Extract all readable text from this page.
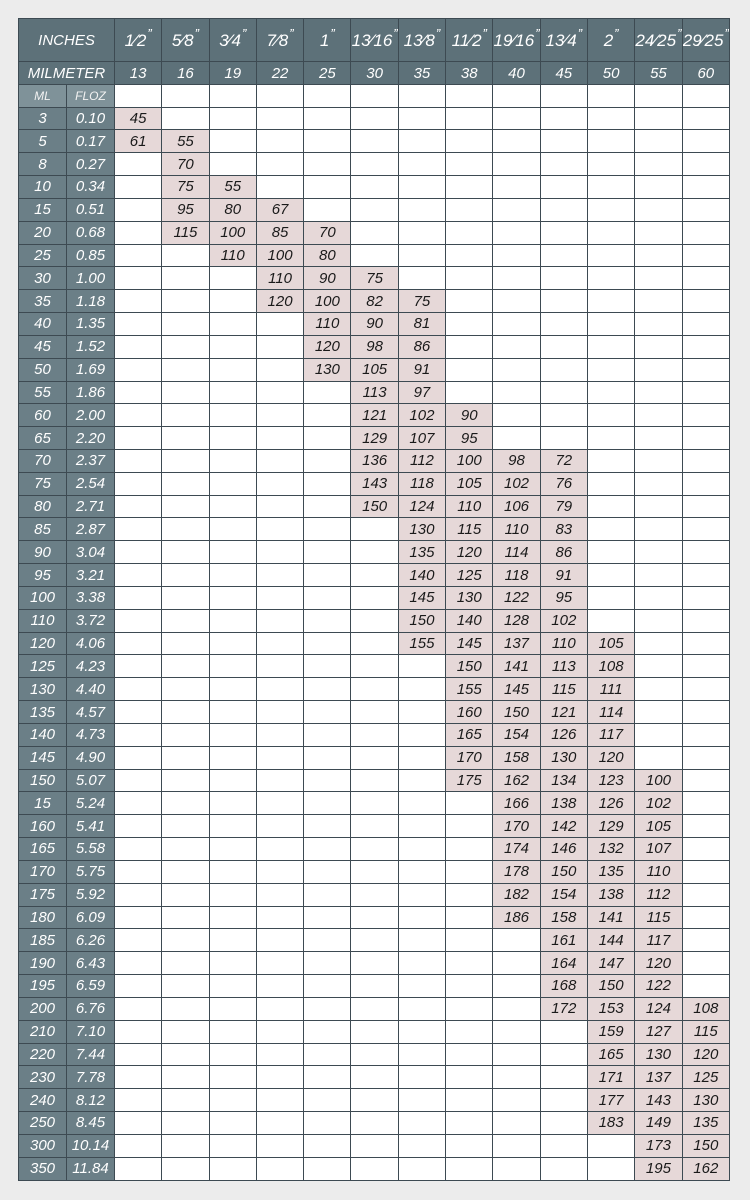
INCHES		1⁄2”	5⁄8”	3⁄4”	7⁄8”	1”	13⁄16”	13⁄8”	11⁄2”	19⁄16”	13⁄4”	2”	24⁄25”	29⁄25”
MILMETER		13	16	19	22	25	30	35	38	40	45	50	55	60
ML	FLOZ													
3	0.10	45												
5	0.17	61	55											
8	0.27		70											
10	0.34		75	55										
15	0.51		95	80	67									
20	0.68		115	100	85	70								
25	0.85			110	100	80								
30	1.00				110	90	75							
35	1.18				120	100	82	75						
40	1.35					110	90	81						
45	1.52					120	98	86						
50	1.69					130	105	91						
55	1.86						113	97						
60	2.00						121	102	90					
65	2.20						129	107	95					
70	2.37						136	112	100	98	72			
75	2.54						143	118	105	102	76			
80	2.71						150	124	110	106	79			
85	2.87							130	115	110	83			
90	3.04							135	120	114	86			
95	3.21							140	125	118	91			
100	3.38							145	130	122	95			
110	3.72							150	140	128	102			
120	4.06							155	145	137	110	105		
125	4.23								150	141	113	108		
130	4.40								155	145	115	111		
135	4.57								160	150	121	114		
140	4.73								165	154	126	117		
145	4.90								170	158	130	120		
150	5.07								175	162	134	123	100	
15	5.24									166	138	126	102	
160	5.41									170	142	129	105	
165	5.58									174	146	132	107	
170	5.75									178	150	135	110	
175	5.92									182	154	138	112	
180	6.09									186	158	141	115	
185	6.26										161	144	117	
190	6.43										164	147	120	
195	6.59										168	150	122	
200	6.76										172	153	124	108
210	7.10											159	127	115
220	7.44											165	130	120
230	7.78											171	137	125
240	8.12											177	143	130
250	8.45											183	149	135
300	10.14												173	150
350	11.84												195	162
